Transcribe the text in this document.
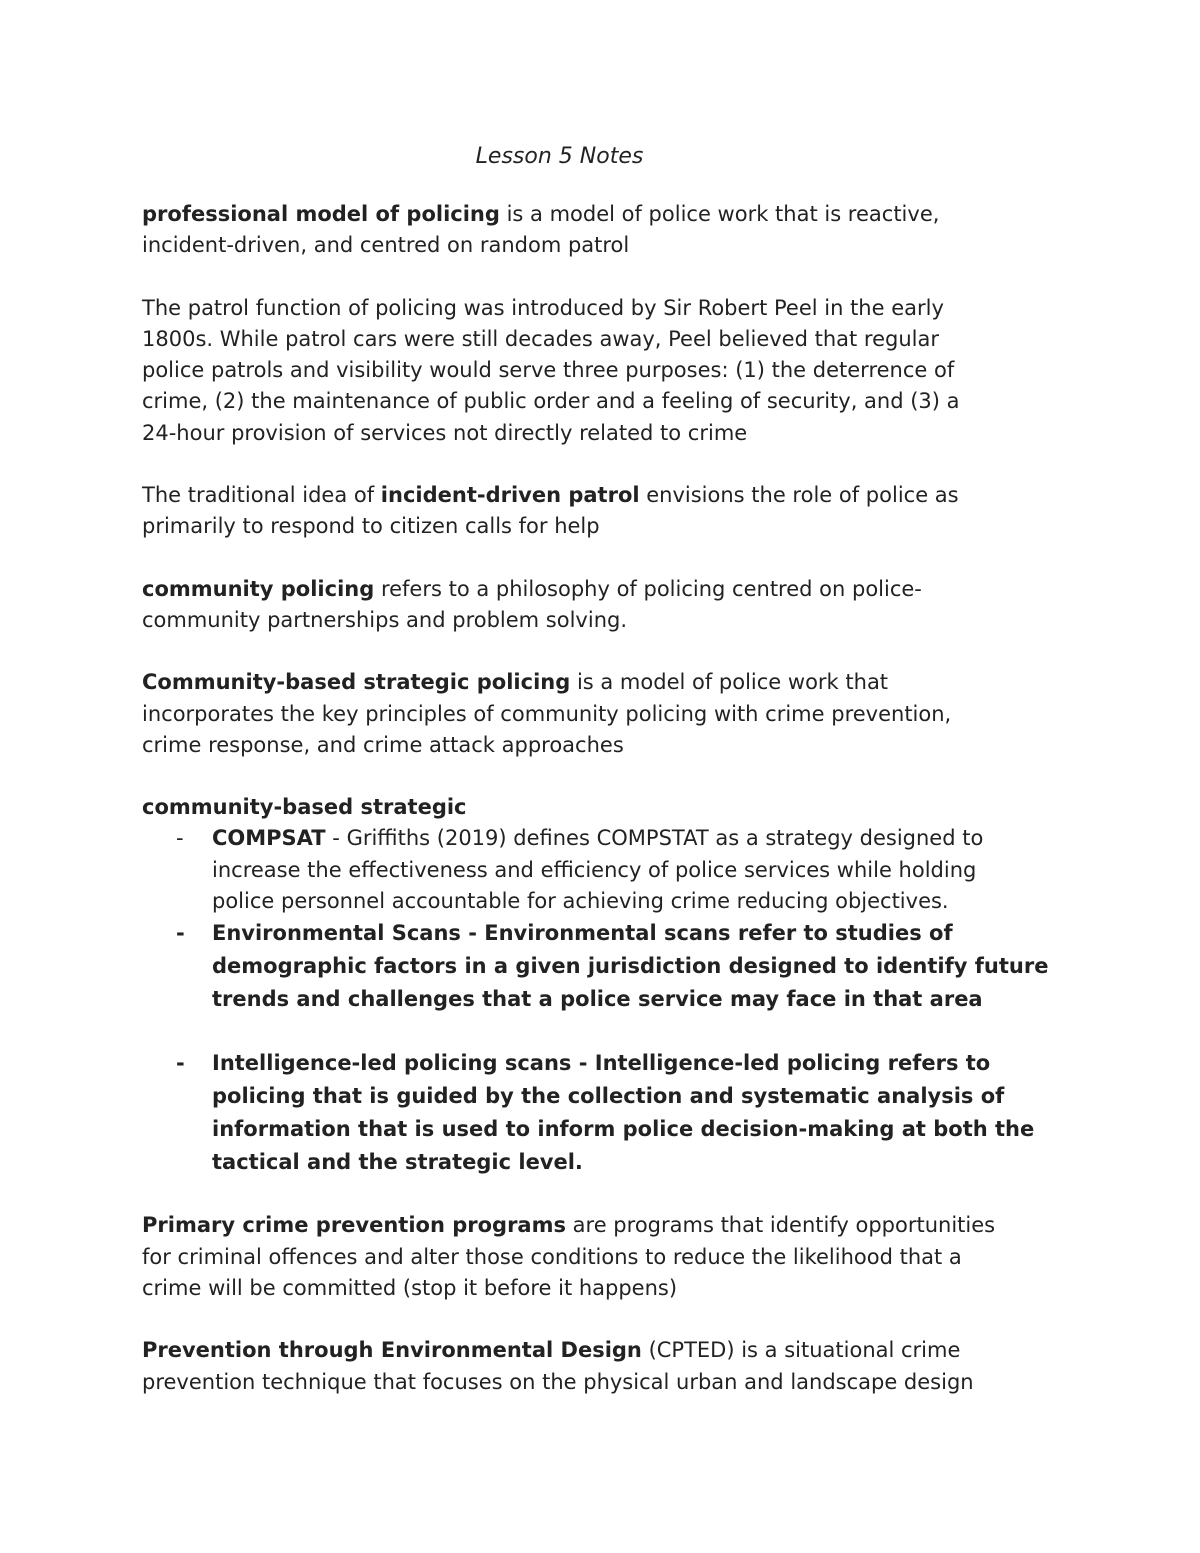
Lesson 5 Notes

professional model of policing is a model of police work that is reactive,

incident-driven, and centred on random patrol

The patrol function of policing was introduced by Sir Robert Peel in the early

1800s. While patrol cars were still decades away, Peel believed that regular

police patrols and visibility would serve three purposes: (1) the deterrence of

crime, (2) the maintenance of public order and a feeling of security, and (3) a

24-hour provision of services not directly related to crime

The traditional idea of incident-driven patrol envisions the role of police as

primarily to respond to citizen calls for help

community policing refers to a philosophy of policing centred on police-

community partnerships and problem solving.

Community-based strategic policing is a model of police work that

incorporates the key principles of community policing with crime prevention,

crime response, and crime attack approaches

community-based strategic

- COMPSAT - Griffiths (2019) defines COMPSTAT as a strategy designed to
increase the effectiveness and efficiency of police services while holding
police personnel accountable for achieving crime reducing objectives.
- Environmental Scans - Environmental scans refer to studies of
demographic factors in a given jurisdiction designed to identify future
trends and challenges that a police service may face in that area
- Intelligence-led policing scans - Intelligence-led policing refers to
policing that is guided by the collection and systematic analysis of
information that is used to inform police decision-making at both the
tactical and the strategic level.

Primary crime prevention programs are programs that identify opportunities

for criminal offences and alter those conditions to reduce the likelihood that a

crime will be committed (stop it before it happens)

Prevention through Environmental Design (CPTED) is a situational crime

prevention technique that focuses on the physical urban and landscape design
